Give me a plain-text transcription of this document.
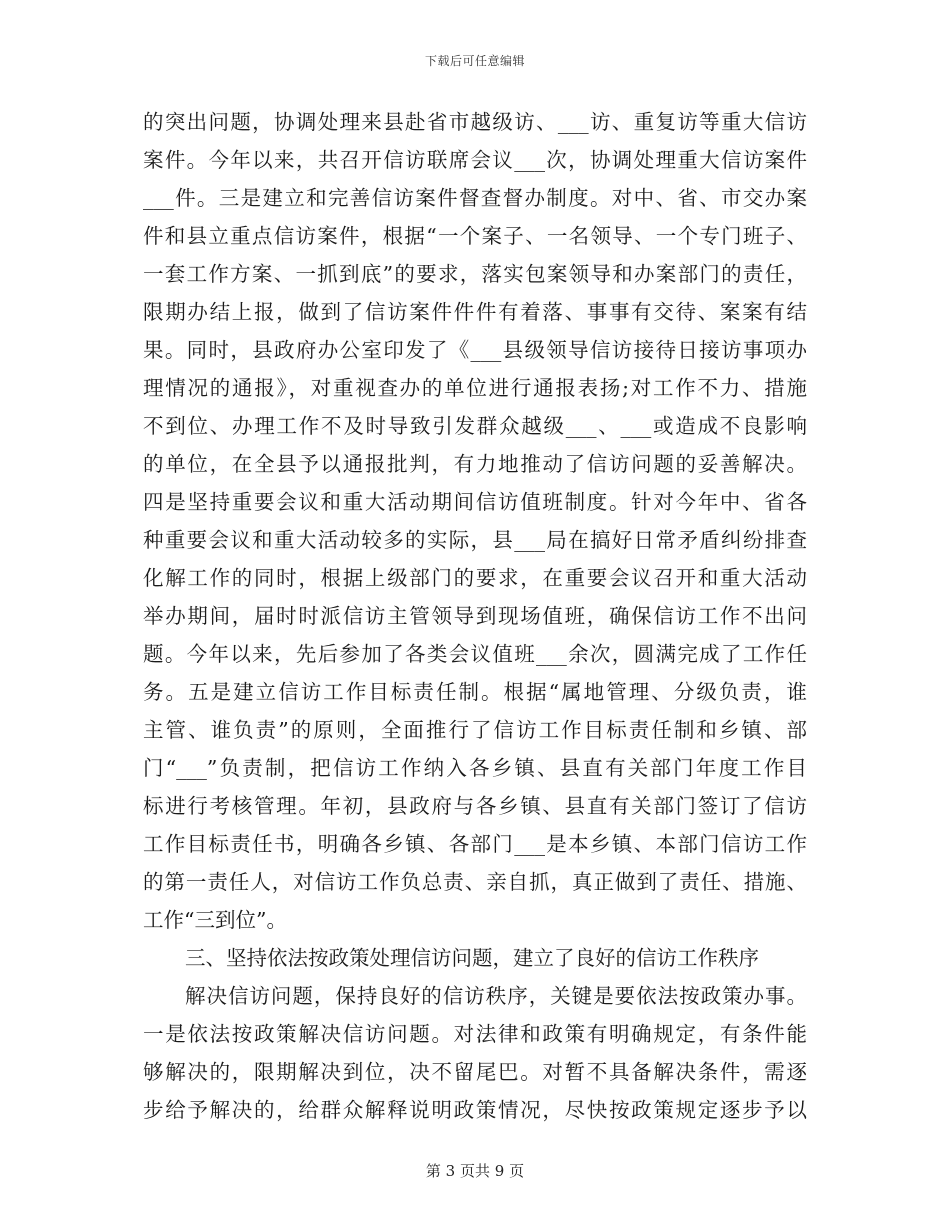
下载后可任意编辑
的突出问题，协调处理来县赴省市越级访、___访、重复访等重大信访
案件。今年以来，共召开信访联席会议___次，协调处理重大信访案件
___件。三是建立和完善信访案件督查督办制度。对中、省、市交办案
件和县立重点信访案件，根据“一个案子、一名领导、一个专门班子、
一套工作方案、一抓到底”的要求，落实包案领导和办案部门的责任，
限期办结上报，做到了信访案件件件有着落、事事有交待、案案有结
果。同时，县政府办公室印发了《___县级领导信访接待日接访事项办
理情况的通报》，对重视查办的单位进行通报表扬;对工作不力、措施
不到位、办理工作不及时导致引发群众越级___、___或造成不良影响
的单位，在全县予以通报批判，有力地推动了信访问题的妥善解决。
四是坚持重要会议和重大活动期间信访值班制度。针对今年中、省各
种重要会议和重大活动较多的实际，县___局在搞好日常矛盾纠纷排查
化解工作的同时，根据上级部门的要求，在重要会议召开和重大活动
举办期间，届时时派信访主管领导到现场值班，确保信访工作不出问
题。今年以来，先后参加了各类会议值班___余次，圆满完成了工作任
务。五是建立信访工作目标责任制。根据“属地管理、分级负责，谁
主管、谁负责”的原则，全面推行了信访工作目标责任制和乡镇、部
门“___”负责制，把信访工作纳入各乡镇、县直有关部门年度工作目
标进行考核管理。年初，县政府与各乡镇、县直有关部门签订了信访
工作目标责任书，明确各乡镇、各部门___是本乡镇、本部门信访工作
的第一责任人，对信访工作负总责、亲自抓，真正做到了责任、措施、
工作“三到位”。
三、坚持依法按政策处理信访问题，建立了良好的信访工作秩序
解决信访问题，保持良好的信访秩序，关键是要依法按政策办事。
一是依法按政策解决信访问题。对法律和政策有明确规定，有条件能
够解决的，限期解决到位，决不留尾巴。对暂不具备解决条件，需逐
步给予解决的，给群众解释说明政策情况，尽快按政策规定逐步予以
第 3 页共 9 页
